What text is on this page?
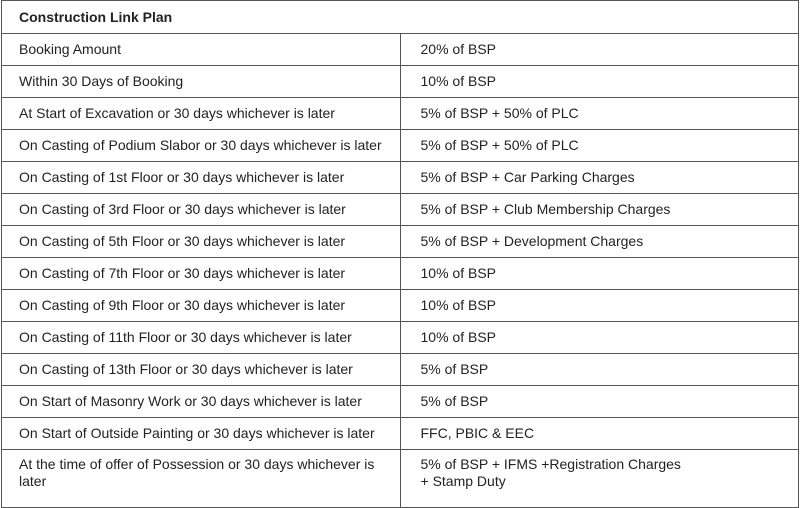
Construction Link Plan	
Booking Amount	20% of BSP
Within 30 Days of Booking	10% of BSP
At Start of Excavation or 30 days whichever is later	5% of BSP + 50% of PLC
On Casting of Podium Slabor or 30 days whichever is later	5% of BSP + 50% of PLC
On Casting of 1st Floor or 30 days whichever is later	5% of BSP + Car Parking Charges
On Casting of 3rd Floor or 30 days whichever is later	5% of BSP + Club Membership Charges
On Casting of 5th Floor or 30 days whichever is later	5% of BSP + Development Charges
On Casting of 7th Floor or 30 days whichever is later	10% of BSP
On Casting of 9th Floor or 30 days whichever is later	10% of BSP
On Casting of 11th Floor or 30 days whichever is later	10% of BSP
On Casting of 13th Floor or 30 days whichever is later	5% of BSP
On Start of Masonry Work or 30 days whichever is later	5% of BSP
On Start of Outside Painting or 30 days whichever is later	FFC, PBIC & EEC
At the time of offer of Possession or 30 days whichever is later	5% of BSP + IFMS +Registration Charges
+ Stamp Duty
